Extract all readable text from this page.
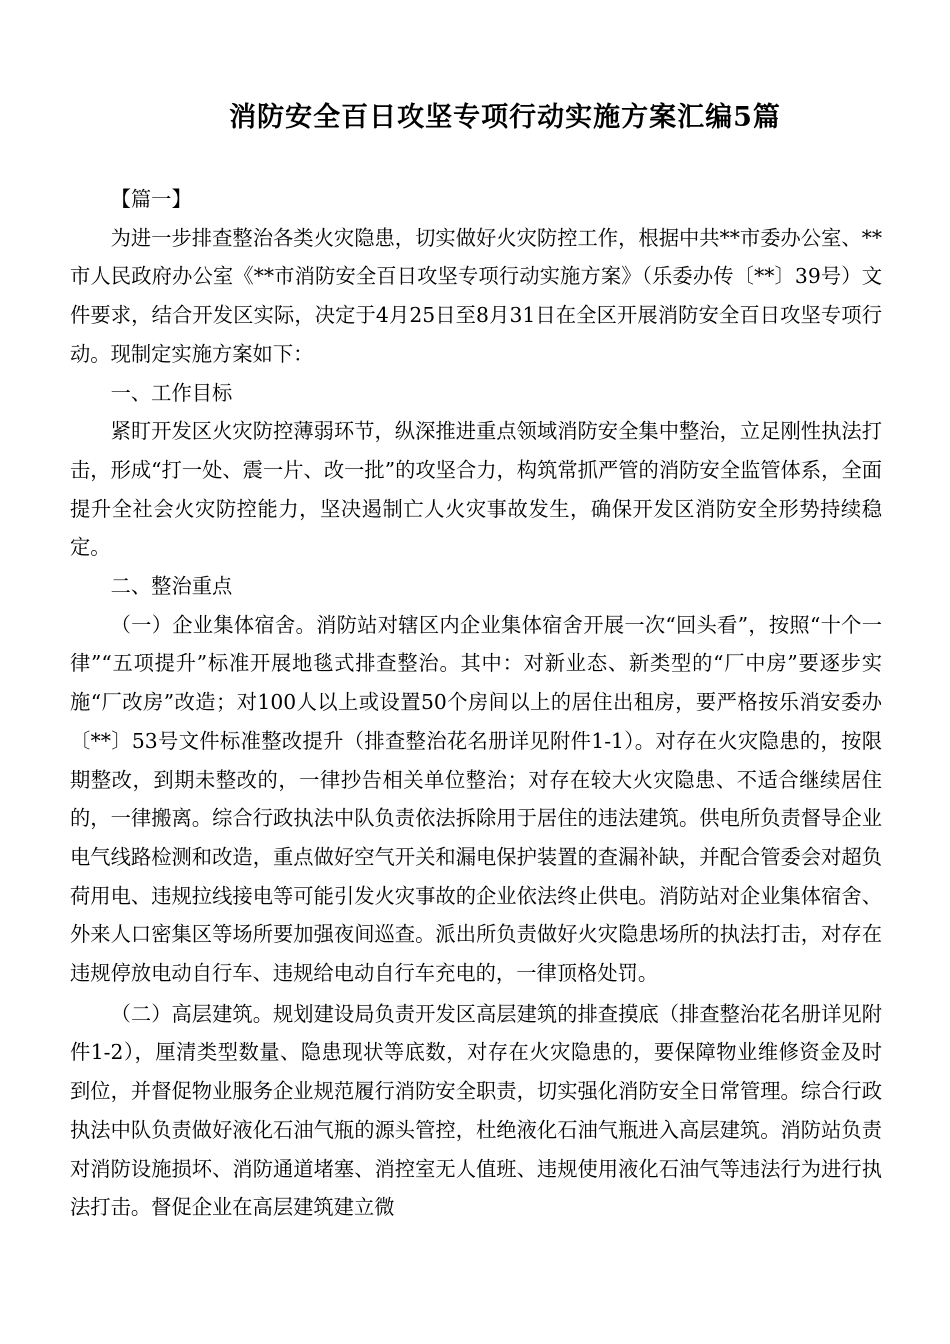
消防安全百日攻坚专项行动实施方案汇编5篇

【篇一】

为进一步排查整治各类火灾隐患，切实做好火灾防控工作，根据中共**市委办公室、**市人民政府办公室《**市消防安全百日攻坚专项行动实施方案》（乐委办传〔**〕39号）文件要求，结合开发区实际，决定于4月25日至8月31日在全区开展消防安全百日攻坚专项行动。现制定实施方案如下：

一、工作目标

紧盯开发区火灾防控薄弱环节，纵深推进重点领域消防安全集中整治，立足刚性执法打击，形成“打一处、震一片、改一批”的攻坚合力，构筑常抓严管的消防安全监管体系，全面提升全社会火灾防控能力，坚决遏制亡人火灾事故发生，确保开发区消防安全形势持续稳定。

二、整治重点

（一）企业集体宿舍。消防站对辖区内企业集体宿舍开展一次“回头看”，按照“十个一律”“五项提升”标准开展地毯式排查整治。其中：对新业态、新类型的“厂中房”要逐步实施“厂改房”改造；对100人以上或设置50个房间以上的居住出租房，要严格按乐消安委办〔**〕53号文件标准整改提升（排查整治花名册详见附件1-1）。对存在火灾隐患的，按限期整改，到期未整改的，一律抄告相关单位整治；对存在较大火灾隐患、不适合继续居住的，一律搬离。综合行政执法中队负责依法拆除用于居住的违法建筑。供电所负责督导企业电气线路检测和改造，重点做好空气开关和漏电保护装置的查漏补缺，并配合管委会对超负荷用电、违规拉线接电等可能引发火灾事故的企业依法终止供电。消防站对企业集体宿舍、外来人口密集区等场所要加强夜间巡查。派出所负责做好火灾隐患场所的执法打击，对存在违规停放电动自行车、违规给电动自行车充电的，一律顶格处罚。

（二）高层建筑。规划建设局负责开发区高层建筑的排查摸底（排查整治花名册详见附件1-2），厘清类型数量、隐患现状等底数，对存在火灾隐患的，要保障物业维修资金及时到位，并督促物业服务企业规范履行消防安全职责，切实强化消防安全日常管理。综合行政执法中队负责做好液化石油气瓶的源头管控，杜绝液化石油气瓶进入高层建筑。消防站负责对消防设施损坏、消防通道堵塞、消控室无人值班、违规使用液化石油气等违法行为进行执法打击。督促企业在高层建筑建立微
